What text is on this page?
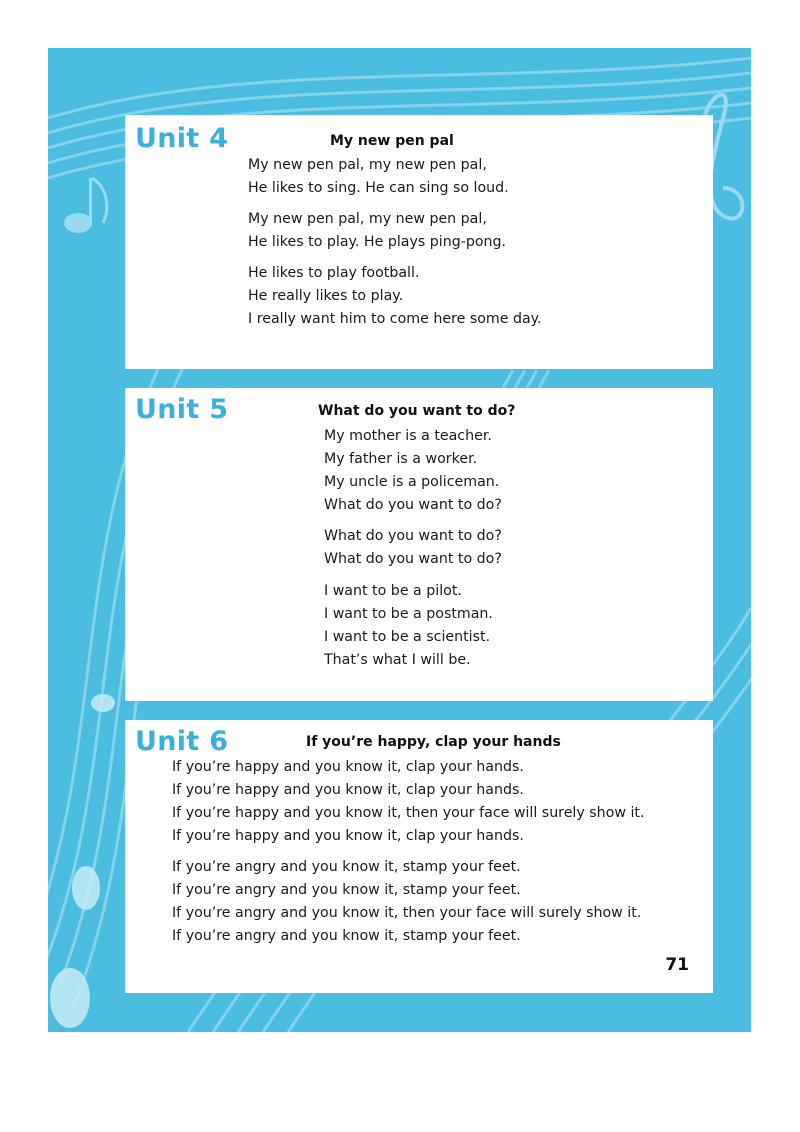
Unit 4	My new pen pal
My new pen pal, my new pen pal,
He likes to sing. He can sing so loud.
My new pen pal, my new pen pal,
He likes to play. He plays ping-pong.
He likes to play football.
He really likes to play.
I really want him to come here some day.
Unit 5	What do you want to do?
My mother is a teacher.
My father is a worker.
My uncle is a policeman.
What do you want to do?
What do you want to do?
What do you want to do?
I want to be a pilot.
I want to be a postman.
I want to be a scientist.
That’s what I will be.
Unit 6	If you’re happy, clap your hands
If you’re happy and you know it, clap your hands.
If you’re happy and you know it, clap your hands.
If you’re happy and you know it, then your face will surely show it.
If you’re happy and you know it, clap your hands.
If you’re angry and you know it, stamp your feet.
If you’re angry and you know it, stamp your feet.
If you’re angry and you know it, then your face will surely show it.
If you’re angry and you know it, stamp your feet.
71
